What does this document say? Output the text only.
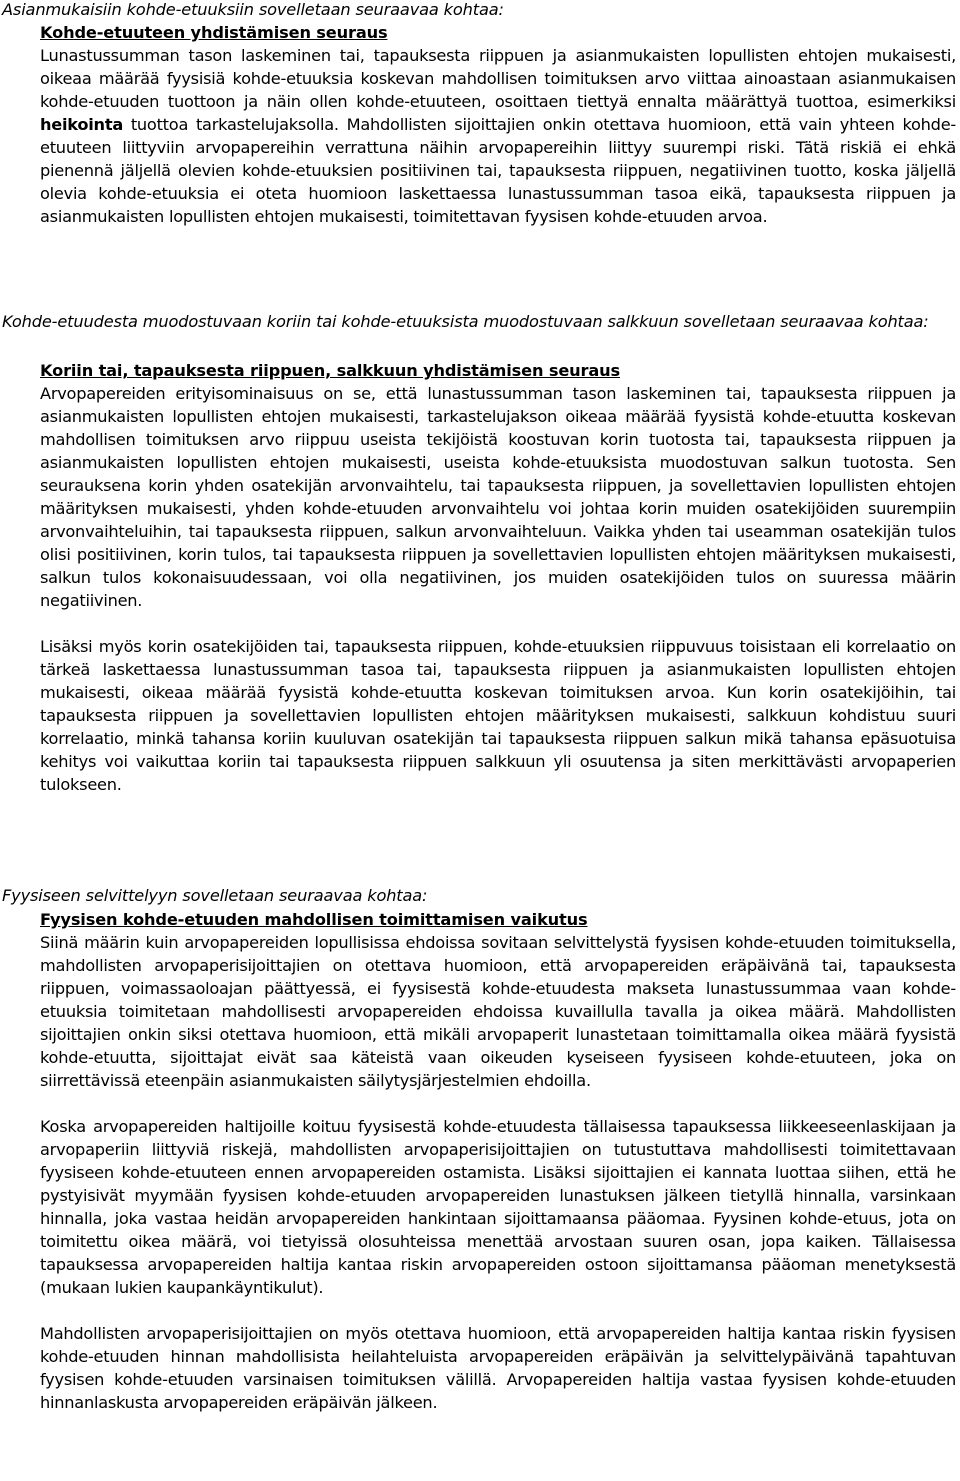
Asianmukaisiin kohde-etuuksiin sovelletaan seuraavaa kohtaa:

Kohde-etuuteen yhdistämisen seuraus

Lunastussumman tason laskeminen tai, tapauksesta riippuen ja asianmukaisten lopullisten ehtojen mukaisesti, oikeaa määrää fyysisiä kohde-etuuksia koskevan mahdollisen toimituksen arvo viittaa ainoastaan asianmukaisen kohde-etuuden tuottoon ja näin ollen kohde-etuuteen, osoittaen tiettyä ennalta määrättyä tuottoa, esimerkiksi heikointa tuottoa tarkastelujaksolla. Mahdollisten sijoittajien onkin otettava huomioon, että vain yhteen kohde-etuuteen liittyviin arvopapereihin verrattuna näihin arvopapereihin liittyy suurempi riski. Tätä riskiä ei ehkä pienennä jäljellä olevien kohde-etuuksien positiivinen tai, tapauksesta riippuen, negatiivinen tuotto, koska jäljellä olevia kohde-etuuksia ei oteta huomioon laskettaessa lunastussumman tasoa eikä, tapauksesta riippuen ja asianmukaisten lopullisten ehtojen mukaisesti, toimitettavan fyysisen kohde-etuuden arvoa.

Kohde-etuudesta muodostuvaan koriin tai kohde-etuuksista muodostuvaan salkkuun sovelletaan seuraavaa kohtaa:

Koriin tai, tapauksesta riippuen, salkkuun yhdistämisen seuraus

Arvopapereiden erityisominaisuus on se, että lunastussumman tason laskeminen tai, tapauksesta riippuen ja asianmukaisten lopullisten ehtojen mukaisesti, tarkastelujakson oikeaa määrää fyysistä kohde-etuutta koskevan mahdollisen toimituksen arvo riippuu useista tekijöistä koostuvan korin tuotosta tai, tapauksesta riippuen ja asianmukaisten lopullisten ehtojen mukaisesti, useista kohde-etuuksista muodostuvan salkun tuotosta. Sen seurauksena korin yhden osatekijän arvonvaihtelu, tai tapauksesta riippuen, ja sovellettavien lopullisten ehtojen määrityksen mukaisesti, yhden kohde-etuuden arvonvaihtelu voi johtaa korin muiden osatekijöiden suurempiin arvonvaihteluihin, tai tapauksesta riippuen, salkun arvonvaihteluun. Vaikka yhden tai useamman osatekijän tulos olisi positiivinen, korin tulos, tai tapauksesta riippuen ja sovellettavien lopullisten ehtojen määrityksen mukaisesti, salkun tulos kokonaisuudessaan, voi olla negatiivinen, jos muiden osatekijöiden tulos on suuressa määrin negatiivinen.

Lisäksi myös korin osatekijöiden tai, tapauksesta riippuen, kohde-etuuksien riippuvuus toisistaan eli korrelaatio on tärkeä laskettaessa lunastussumman tasoa tai, tapauksesta riippuen ja asianmukaisten lopullisten ehtojen mukaisesti, oikeaa määrää fyysistä kohde-etuutta koskevan toimituksen arvoa. Kun korin osatekijöihin, tai tapauksesta riippuen ja sovellettavien lopullisten ehtojen määrityksen mukaisesti, salkkuun kohdistuu suuri korrelaatio, minkä tahansa koriin kuuluvan osatekijän tai tapauksesta riippuen salkun mikä tahansa epäsuotuisa kehitys voi vaikuttaa koriin tai tapauksesta riippuen salkkuun yli osuutensa ja siten merkittävästi arvopaperien tulokseen.

Fyysiseen selvittelyyn sovelletaan seuraavaa kohtaa:

Fyysisen kohde-etuuden mahdollisen toimittamisen vaikutus

Siinä määrin kuin arvopapereiden lopullisissa ehdoissa sovitaan selvittelystä fyysisen kohde-etuuden toimituksella, mahdollisten arvopaperisijoittajien on otettava huomioon, että arvopapereiden eräpäivänä tai, tapauksesta riippuen, voimassaoloajan päättyessä, ei fyysisestä kohde-etuudesta makseta lunastussummaa vaan kohde-etuuksia toimitetaan mahdollisesti arvopapereiden ehdoissa kuvaillulla tavalla ja oikea määrä. Mahdollisten sijoittajien onkin siksi otettava huomioon, että mikäli arvopaperit lunastetaan toimittamalla oikea määrä fyysistä kohde-etuutta, sijoittajat eivät saa käteistä vaan oikeuden kyseiseen fyysiseen kohde-etuuteen, joka on siirrettävissä eteenpäin asianmukaisten säilytysjärjestelmien ehdoilla.

Koska arvopapereiden haltijoille koituu fyysisestä kohde-etuudesta tällaisessa tapauksessa liikkeeseenlaskijaan ja arvopaperiin liittyviä riskejä, mahdollisten arvopaperisijoittajien on tutustuttava mahdollisesti toimitettavaan fyysiseen kohde-etuuteen ennen arvopapereiden ostamista. Lisäksi sijoittajien ei kannata luottaa siihen, että he pystyisivät myymään fyysisen kohde-etuuden arvopapereiden lunastuksen jälkeen tietyllä hinnalla, varsinkaan hinnalla, joka vastaa heidän arvopapereiden hankintaan sijoittamaansa pääomaa. Fyysinen kohde-etuus, jota on toimitettu oikea määrä, voi tietyissä olosuhteissa menettää arvostaan suuren osan, jopa kaiken. Tällaisessa tapauksessa arvopapereiden haltija kantaa riskin arvopapereiden ostoon sijoittamansa pääoman menetyksestä (mukaan lukien kaupankäyntikulut).

Mahdollisten arvopaperisijoittajien on myös otettava huomioon, että arvopapereiden haltija kantaa riskin fyysisen kohde-etuuden hinnan mahdollisista heilahteluista arvopapereiden eräpäivän ja selvittelypäivänä tapahtuvan fyysisen kohde-etuuden varsinaisen toimituksen välillä. Arvopapereiden haltija vastaa fyysisen kohde-etuuden hinnanlaskusta arvopapereiden eräpäivän jälkeen.
